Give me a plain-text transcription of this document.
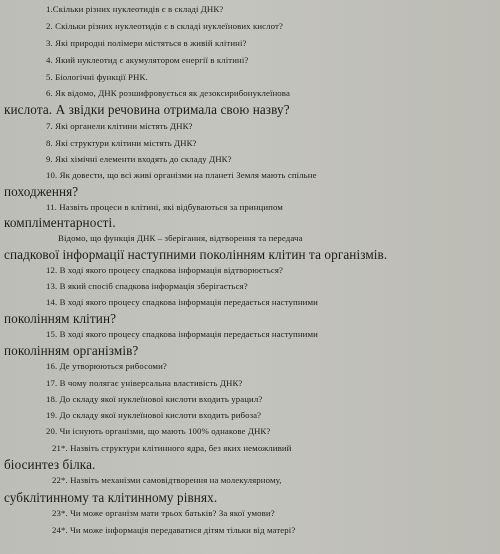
1.Скільки різних нуклеотидів є в складі ДНК?
2. Скільки різних нуклеотидів є в складі нуклеїнових кислот?
3. Які природні полімери містяться в живій клітині?
4. Який нуклеотид є акумулятором енергії в клітині?
5. Біологічні функції РНК.
6. Як відомо, ДНК розшифровується як дезоксирибонуклеїнова
кислота. А звідки речовина отримала свою назву?
7. Які органели клітини містять ДНК?
8. Які структури клітини містять ДНК?
9. Які хімічні елементи входять до складу ДНК?
10. Як довести, що всі живі організми на планеті Земля мають спільне
походження?
11. Назвіть процеси в клітині, які відбуваються за принципом
компліментарності.
Відомо, що функція ДНК – зберігання, відтворення та передача
спадкової інформації наступними поколінням клітин та організмів.
12. В ході якого процесу спадкова інформація відтворюється?
13. В який спосіб спадкова інформація зберігається?
14. В ході якого процесу спадкова інформація передається наступними
поколінням клітин?
15. В ході якого процесу спадкова інформація передається наступними
поколінням організмів?
16. Де утворюються рибосоми?
17. В чому полягає універсальна властивість ДНК?
18. До складу якої нуклеїнової кислоти входить урацил?
19. До складу якої нуклеїнової кислоти входить рибоза?
20. Чи існують організми, що мають 100% однакове ДНК?
21*. Назвіть структури клітинного ядра, без яких неможливий
біосинтез білка.
22*. Назвіть механізми самовідтворення на молекулярному,
субклітинному та клітинному рівнях.
23*. Чи може організм мати трьох батьків? За якої умови?
24*. Чи може інформація передаватися дітям тільки від матері?
